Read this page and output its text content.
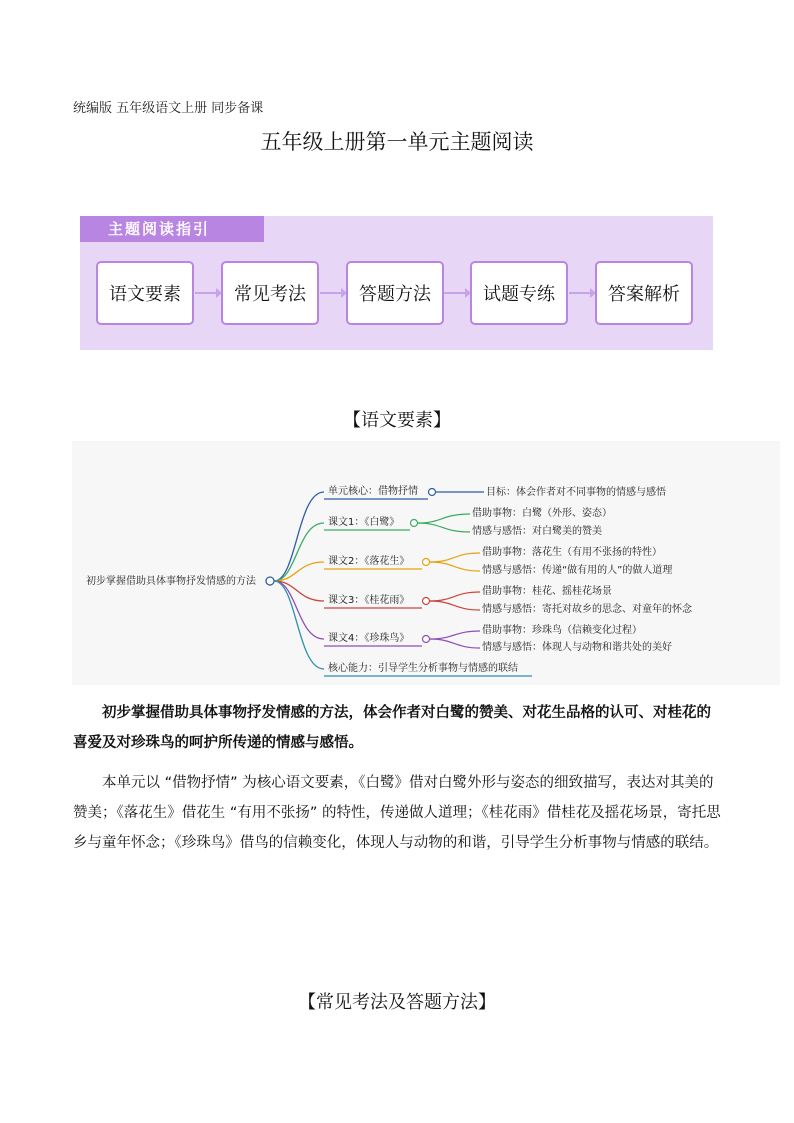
统编版 五年级语文上册 同步备课
五年级上册第一单元主题阅读
主题阅读指引
语文要素	常见考法	答题方法	试题专练	答案解析
【语文要素】
初步掌握借助具体事物抒发情感的方法
单元核心：借物抒情	目标：体会作者对不同事物的情感与感悟
课文1：《白鹭》
借助事物：白鹭（外形、姿态）
情感与感悟：对白鹭美的赞美
课文2：《落花生》
借助事物：落花生（有用不张扬的特性）
情感与感悟：传递“做有用的人”的做人道理
课文3：《桂花雨》
借助事物：桂花、摇桂花场景
情感与感悟：寄托对故乡的思念、对童年的怀念
课文4：《珍珠鸟》
借助事物：珍珠鸟（信赖变化过程）
情感与感悟：体现人与动物和谐共处的美好
核心能力：引导学生分析事物与情感的联结
初步掌握借助具体事物抒发情感的方法，体会作者对白鹭的赞美、对花生品格的认可、对桂花的喜爱及对珍珠鸟的呵护所传递的情感与感悟。
本单元以 “借物抒情” 为核心语文要素，《白鹭》借对白鹭外形与姿态的细致描写，表达对其美的赞美；《落花生》借花生 “有用不张扬” 的特性，传递做人道理；《桂花雨》借桂花及摇花场景，寄托思乡与童年怀念；《珍珠鸟》借鸟的信赖变化，体现人与动物的和谐，引导学生分析事物与情感的联结。
【常见考法及答题方法】
